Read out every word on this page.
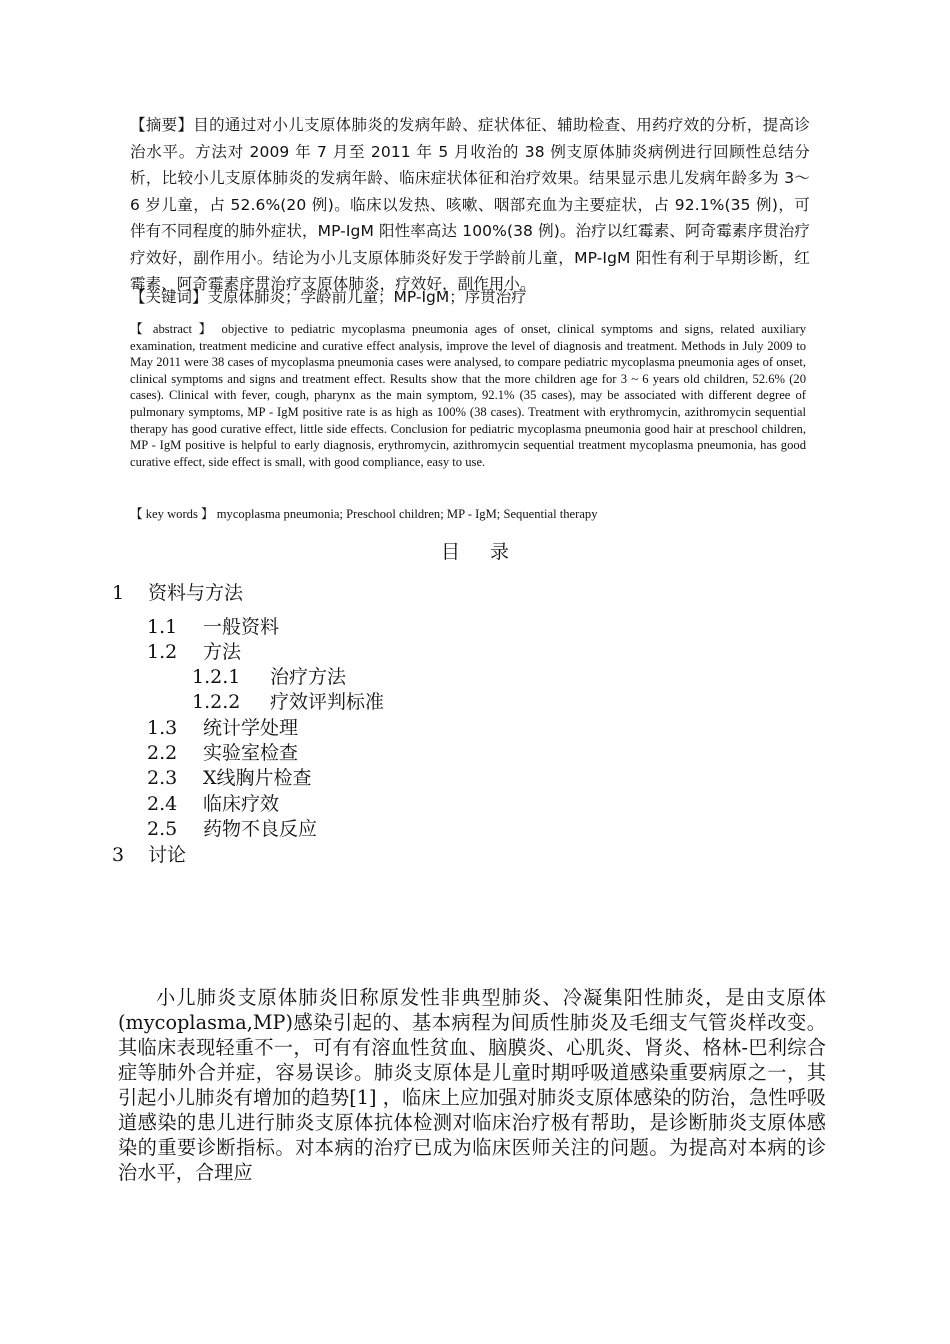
【摘要】目的通过对小儿支原体肺炎的发病年龄、症状体征、辅助检查、用药疗效的分析，提高诊治水平。方法对 2009 年 7 月至 2011 年 5 月收治的 38 例支原体肺炎病例进行回顾性总结分析，比较小儿支原体肺炎的发病年龄、临床症状体征和治疗效果。结果显示患儿发病年龄多为 3～6 岁儿童，占 52.6%(20 例)。临床以发热、咳嗽、咽部充血为主要症状，占 92.1%(35 例)，可伴有不同程度的肺外症状，MP-IgM 阳性率高达 100%(38 例)。治疗以红霉素、阿奇霉素序贯治疗疗效好，副作用小。结论为小儿支原体肺炎好发于学龄前儿童，MP-IgM 阳性有利于早期诊断，红霉素、阿奇霉素序贯治疗支原体肺炎，疗效好，副作用小。
【关键词】支原体肺炎；学龄前儿童；MP-IgM；序贯治疗
【 abstract 】 objective to pediatric mycoplasma pneumonia ages of onset, clinical symptoms and signs, related auxiliary examination, treatment medicine and curative effect analysis, improve the level of diagnosis and treatment. Methods in July 2009 to May 2011 were 38 cases of mycoplasma pneumonia cases were analysed, to compare pediatric mycoplasma pneumonia ages of onset, clinical symptoms and signs and treatment effect. Results show that the more children age for 3 ~ 6 years old children, 52.6% (20 cases). Clinical with fever, cough, pharynx as the main symptom, 92.1% (35 cases), may be associated with different degree of pulmonary symptoms, MP - IgM positive rate is as high as 100% (38 cases). Treatment with erythromycin, azithromycin sequential therapy has good curative effect, little side effects. Conclusion for pediatric mycoplasma pneumonia good hair at preschool children, MP - IgM positive is helpful to early diagnosis, erythromycin, azithromycin sequential treatment mycoplasma pneumonia, has good curative effect, side effect is small, with good compliance, easy to use.
【 key words 】 mycoplasma pneumonia; Preschool children; MP - IgM; Sequential therapy
目录
1 资料与方法
1.1 一般资料
1.2 方法
1.2.1 治疗方法
1.2.2 疗效评判标准
1.3 统计学处理
2.2 实验室检查
2.3 X线胸片检查
2.4 临床疗效
2.5 药物不良反应
3 讨论
小儿肺炎支原体肺炎旧称原发性非典型肺炎、冷凝集阳性肺炎，是由支原体(mycoplasma,MP)感染引起的、基本病程为间质性肺炎及毛细支气管炎样改变。其临床表现轻重不一，可有有溶血性贫血、脑膜炎、心肌炎、肾炎、格林-巴利综合症等肺外合并症，容易误诊。肺炎支原体是儿童时期呼吸道感染重要病原之一，其引起小儿肺炎有增加的趋势[1] ，临床上应加强对肺炎支原体感染的防治，急性呼吸道感染的患儿进行肺炎支原体抗体检测对临床治疗极有帮助，是诊断肺炎支原体感染的重要诊断指标。对本病的治疗已成为临床医师关注的问题。为提高对本病的诊治水平，合理应
